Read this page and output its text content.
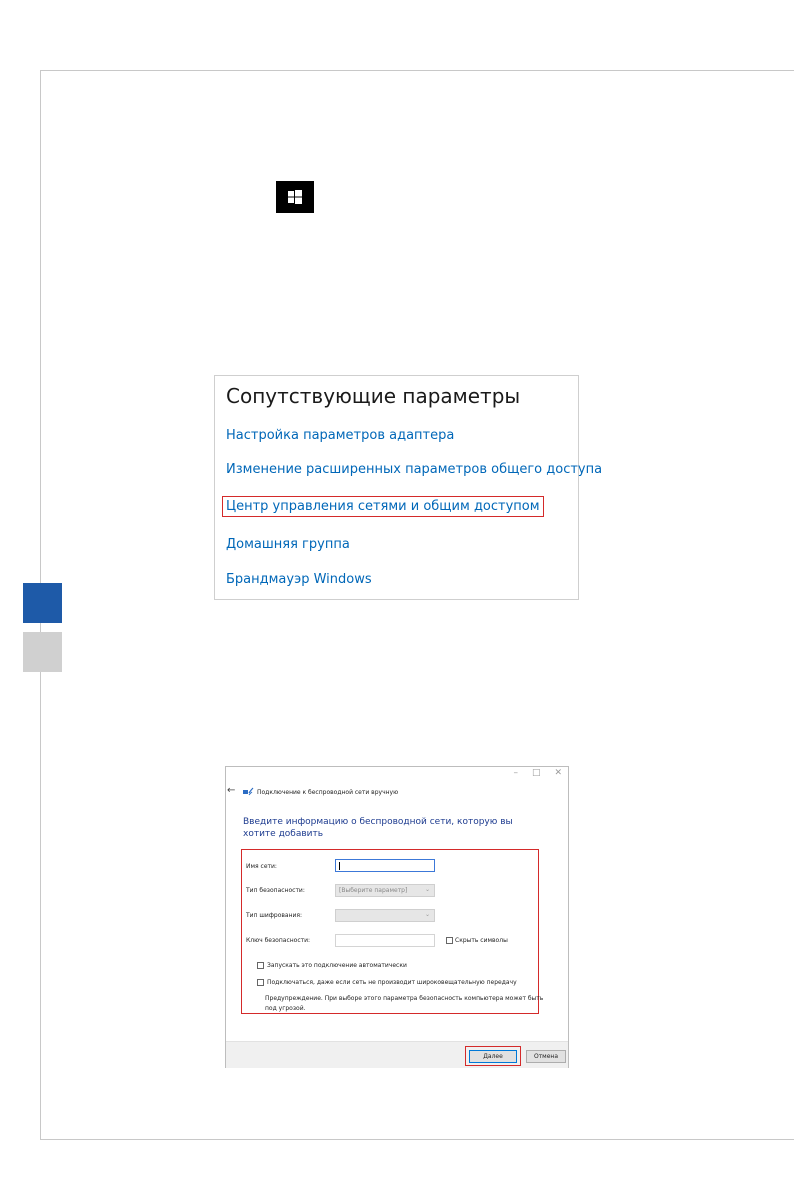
Сопутствующие параметры
Настройка параметров адаптера
Изменение расширенных параметров общего доступа
Центр управления сетями и общим доступом
Домашняя группа
Брандмауэр Windows
– □ ✕
←	Подключение к беспроводной сети вручную
Введите информацию о беспроводной сети, которую вы хотите добавить
Имя сети:
Тип безопасности:	[Выберите параметр]	⌄
Тип шифрования:	⌄
Ключ безопасности:	Скрыть символы
Запускать это подключение автоматически
Подключаться, даже если сеть не производит широковещательную передачу
Предупреждение. При выборе этого параметра безопасность компьютера может быть под угрозой.
Далее	Отмена
